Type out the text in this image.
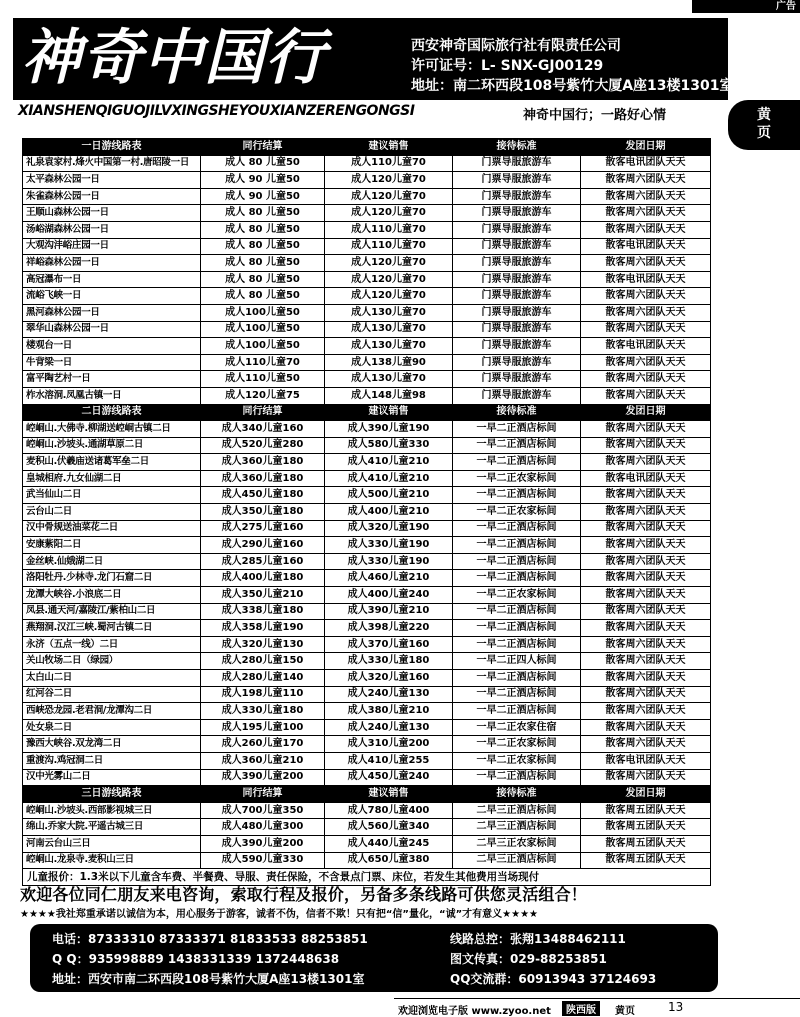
广告
神奇中国行	西安神奇国际旅行社有限责任公司
许可证号：L- SNX-GJ00129
地址：南二环西段108号紫竹大厦A座13楼1301室
XIANSHENQIGUOJILVXINGSHEYOUXIANZERENGONGSI	神奇中国行；一路好心情	黄
页
一日游线路表	同行结算	建议销售	接待标准	发团日期
礼泉袁家村.烽火中国第一村.唐昭陵一日	成人 80 儿童50	成人110儿童70	门票导服旅游车	散客电讯团队天天
太平森林公园一日	成人 90 儿童50	成人120儿童70	门票导服旅游车	散客周六团队天天
朱雀森林公园一日	成人 90 儿童50	成人120儿童70	门票导服旅游车	散客周六团队天天
王顺山森林公园一日	成人 80 儿童50	成人120儿童70	门票导服旅游车	散客周六团队天天
汤峪湖森林公园一日	成人 80 儿童50	成人110儿童70	门票导服旅游车	散客周六团队天天
大观沟沣峪庄园一日	成人 80 儿童50	成人110儿童70	门票导服旅游车	散客电讯团队天天
祥峪森林公园一日	成人 80 儿童50	成人120儿童70	门票导服旅游车	散客周六团队天天
高冠瀑布一日	成人 80 儿童50	成人120儿童70	门票导服旅游车	散客电讯团队天天
流峪飞峡一日	成人 80 儿童50	成人120儿童70	门票导服旅游车	散客周六团队天天
黑河森林公园一日	成人100儿童50	成人130儿童70	门票导服旅游车	散客周六团队天天
翠华山森林公园一日	成人100儿童50	成人130儿童70	门票导服旅游车	散客周六团队天天
楼观台一日	成人100儿童50	成人130儿童70	门票导服旅游车	散客电讯团队天天
牛背梁一日	成人110儿童70	成人138儿童90	门票导服旅游车	散客周六团队天天
富平陶艺村一日	成人110儿童50	成人130儿童70	门票导服旅游车	散客周六团队天天
柞水溶洞.凤凰古镇一日	成人120儿童75	成人148儿童98	门票导服旅游车	散客周六团队天天
二日游线路表	同行结算	建议销售	接待标准	发团日期
崆峒山.大佛寺.柳湖送崆峒古镇二日	成人340儿童160	成人390儿童190	一早二正酒店标间	散客周六团队天天
崆峒山.沙坡头.通湖草原二日	成人520儿童280	成人580儿童330	一早二正酒店标间	散客周六团队天天
麦积山.伏羲庙送诸葛军垒二日	成人360儿童180	成人410儿童210	一早二正酒店标间	散客周六团队天天
皇城相府.九女仙湖二日	成人360儿童180	成人410儿童210	一早二正农家标间	散客电讯团队天天
武当仙山二日	成人450儿童180	成人500儿童210	一早二正酒店标间	散客周六团队天天
云台山二日	成人350儿童180	成人400儿童210	一早二正农家标间	散客周六团队天天
汉中骨规送油菜花二日	成人275儿童160	成人320儿童190	一早二正酒店标间	散客周六团队天天
安康紫阳二日	成人290儿童160	成人330儿童190	一早二正酒店标间	散客周六团队天天
金丝峡.仙娥湖二日	成人285儿童160	成人330儿童190	一早二正酒店标间	散客周六团队天天
洛阳牡丹.少林寺.龙门石窟二日	成人400儿童180	成人460儿童210	一早二正酒店标间	散客周六团队天天
龙潭大峡谷.小浪底二日	成人350儿童210	成人400儿童240	一早二正农家标间	散客周六团队天天
凤县.通天河/嘉陵江/紫柏山二日	成人338儿童180	成人390儿童210	一早二正酒店标间	散客周六团队天天
燕翔洞.汉江三峡.蜀河古镇二日	成人358儿童190	成人398儿童220	一早二正酒店标间	散客周六团队天天
永济（五点一线）二日	成人320儿童130	成人370儿童160	一早二正酒店标间	散客周六团队天天
关山牧场二日（绿园）	成人280儿童150	成人330儿童180	一早二正四人标间	散客周六团队天天
太白山二日	成人280儿童140	成人320儿童160	一早二正酒店标间	散客周六团队天天
红河谷二日	成人198儿童110	成人240儿童130	一早二正酒店标间	散客周六团队天天
西峡恐龙园.老君洞/龙潭沟二日	成人330儿童180	成人380儿童210	一早二正酒店标间	散客周六团队天天
处女泉二日	成人195儿童100	成人240儿童130	一早二正农家住宿	散客周六团队天天
豫西大峡谷.双龙湾二日	成人260儿童170	成人310儿童200	一早二正农家标间	散客周六团队天天
重渡沟.鸡冠洞二日	成人360儿童210	成人410儿童255	一早二正农家标间	散客电讯团队天天
汉中光雾山二日	成人390儿童200	成人450儿童240	一早二正酒店标间	散客周六团队天天
三日游线路表	同行结算	建议销售	接待标准	发团日期
崆峒山.沙坡头.西部影视城三日	成人700儿童350	成人780儿童400	二早三正酒店标间	散客周五团队天天
绵山.乔家大院.平遥古城三日	成人480儿童300	成人560儿童340	二早三正酒店标间	散客周五团队天天
河南云台山三日	成人390儿童200	成人440儿童245	二早三正农家标间	散客周五团队天天
崆峒山.龙泉寺.麦积山三日	成人590儿童330	成人650儿童380	二早三正酒店标间	散客周五团队天天
儿童报价：1.3米以下儿童含车费、半餐费、导服、责任保险，不含景点门票、床位，若发生其他费用当场现付				
欢迎各位同仁朋友来电咨询，索取行程及报价，另备多条线路可供您灵活组合！
★★★★我社郑重承诺以诚信为本，用心服务于游客，诚者不伪，信者不欺！只有把“信”量化，“诚”才有意义★★★★
电话：87333310 87333371 81833533 88253851
Q Q：935998889 1438331339 1372448638
地址：西安市南二环西段108号紫竹大厦A座13楼1301室
线路总控：张翔13488462111
图文传真：029-88253851
QQ交流群：60913943 37124693
欢迎浏览电子版 www.zyoo.net	陕西版	黄页	13
